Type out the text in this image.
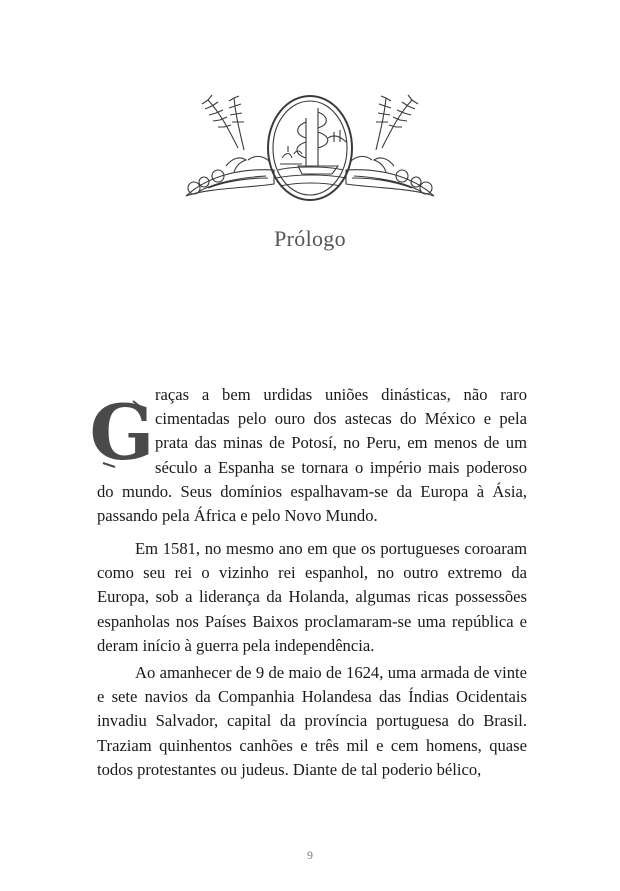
Prólogo
G raças a bem urdidas uniões dinásticas, não raro cimentadas pelo ouro dos astecas do México e pela prata das minas de Potosí, no Peru, em menos de um século a Espanha se tornara o império mais poderoso do mundo. Seus domínios espalhavam-se da Europa à Ásia, passando pela África e pelo Novo Mundo.

Em 1581, no mesmo ano em que os portugueses coroaram como seu rei o vizinho rei espanhol, no outro extremo da Europa, sob a liderança da Holanda, algumas ricas possessões espanholas nos Países Baixos proclamaram-se uma república e deram início à guerra pela independência.

Ao amanhecer de 9 de maio de 1624, uma armada de vinte e sete navios da Companhia Holandesa das Índias Ocidentais invadiu Salvador, capital da província portuguesa do Brasil. Traziam quinhentos canhões e três mil e cem homens, quase todos protestantes ou judeus. Diante de tal poderio bélico,

9
